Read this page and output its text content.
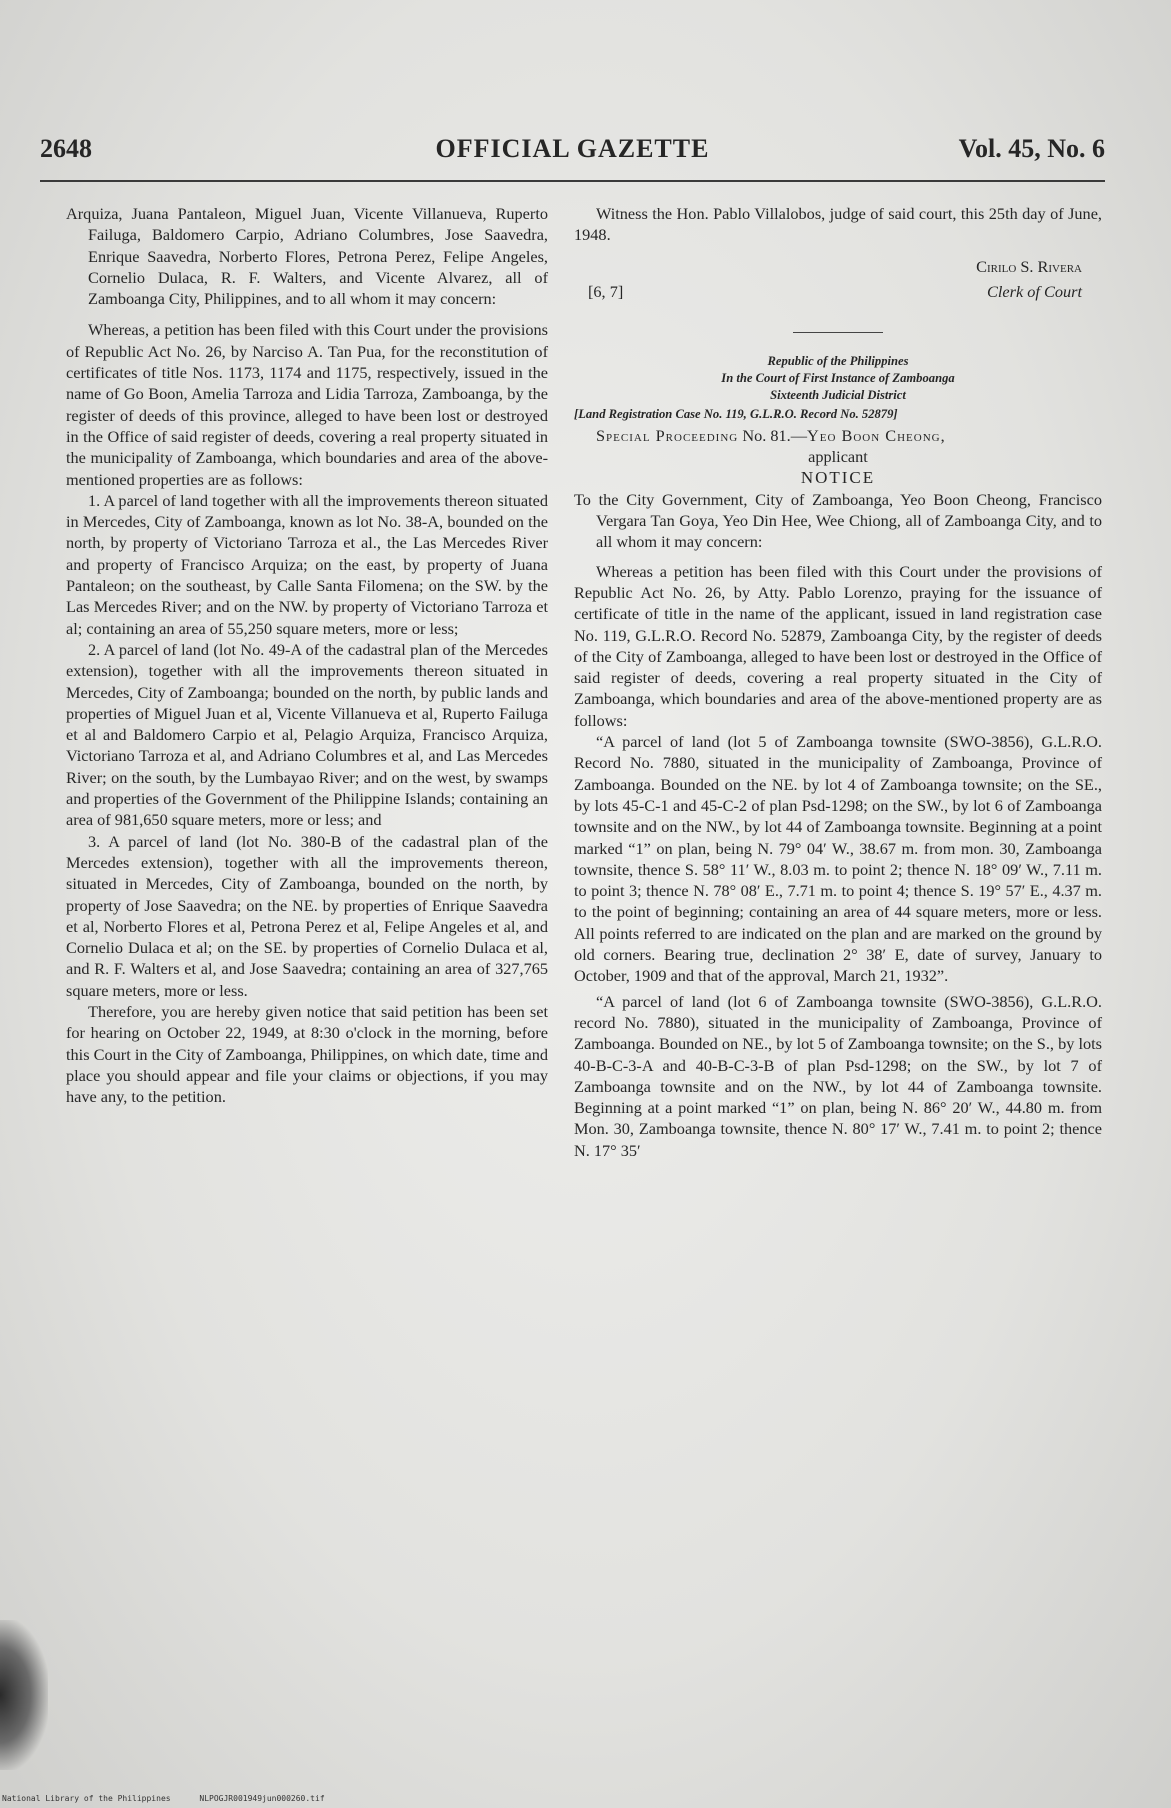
2648	OFFICIAL GAZETTE	Vol. 45, No. 6

Arquiza, Juana Pantaleon, Miguel Juan, Vicente Villanueva, Ruperto Failuga, Baldomero Carpio, Adriano Columbres, Jose Saavedra, Enrique Saavedra, Norberto Flores, Petrona Perez, Felipe Angeles, Cornelio Dulaca, R. F. Walters, and Vicente Alvarez, all of Zamboanga City, Philippines, and to all whom it may concern:

Whereas, a petition has been filed with this Court under the provisions of Republic Act No. 26, by Narciso A. Tan Pua, for the reconstitution of certificates of title Nos. 1173, 1174 and 1175, respectively, issued in the name of Go Boon, Amelia Tarroza and Lidia Tarroza, Zamboanga, by the register of deeds of this province, alleged to have been lost or destroyed in the Office of said register of deeds, covering a real property situated in the municipality of Zamboanga, which boundaries and area of the above-mentioned properties are as follows:

1. A parcel of land together with all the improvements thereon situated in Mercedes, City of Zamboanga, known as lot No. 38-A, bounded on the north, by property of Victoriano Tarroza et al., the Las Mercedes River and property of Francisco Arquiza; on the east, by property of Juana Pantaleon; on the southeast, by Calle Santa Filomena; on the SW. by the Las Mercedes River; and on the NW. by property of Victoriano Tarroza et al; containing an area of 55,250 square meters, more or less;

2. A parcel of land (lot No. 49-A of the cadastral plan of the Mercedes extension), together with all the improvements thereon situated in Mercedes, City of Zamboanga; bounded on the north, by public lands and properties of Miguel Juan et al, Vicente Villanueva et al, Ruperto Failuga et al and Baldomero Carpio et al, Pelagio Arquiza, Francisco Arquiza, Victoriano Tarroza et al, and Adriano Columbres et al, and Las Mercedes River; on the south, by the Lumbayao River; and on the west, by swamps and properties of the Government of the Philippine Islands; containing an area of 981,650 square meters, more or less; and

3. A parcel of land (lot No. 380-B of the cadastral plan of the Mercedes extension), together with all the improvements thereon, situated in Mercedes, City of Zamboanga, bounded on the north, by property of Jose Saavedra; on the NE. by properties of Enrique Saavedra et al, Norberto Flores et al, Petrona Perez et al, Felipe Angeles et al, and Cornelio Dulaca et al; on the SE. by properties of Cornelio Dulaca et al, and R. F. Walters et al, and Jose Saavedra; containing an area of 327,765 square meters, more or less.

Therefore, you are hereby given notice that said petition has been set for hearing on October 22, 1949, at 8:30 o'clock in the morning, before this Court in the City of Zamboanga, Philippines, on which date, time and place you should appear and file your claims or objections, if you may have any, to the petition.

Witness the Hon. Pablo Villalobos, judge of said court, this 25th day of June, 1948.

Cirilo S. Rivera
[6, 7]	Clerk of Court

Republic of the Philippines

In the Court of First Instance of Zamboanga

Sixteenth Judicial District

[Land Registration Case No. 119, G.L.R.O. Record No. 52879]

Special Proceeding No. 81.—Yeo Boon Cheong,

applicant

NOTICE

To the City Government, City of Zamboanga, Yeo Boon Cheong, Francisco Vergara Tan Goya, Yeo Din Hee, Wee Chiong, all of Zamboanga City, and to all whom it may concern:

Whereas a petition has been filed with this Court under the provisions of Republic Act No. 26, by Atty. Pablo Lorenzo, praying for the issuance of certificate of title in the name of the applicant, issued in land registration case No. 119, G.L.R.O. Record No. 52879, Zamboanga City, by the register of deeds of the City of Zamboanga, alleged to have been lost or destroyed in the Office of said register of deeds, covering a real property situated in the City of Zamboanga, which boundaries and area of the above-mentioned property are as follows:

“A parcel of land (lot 5 of Zamboanga townsite (SWO-3856), G.L.R.O. Record No. 7880, situated in the municipality of Zamboanga, Province of Zamboanga. Bounded on the NE. by lot 4 of Zamboanga townsite; on the SE., by lots 45-C-1 and 45-C-2 of plan Psd-1298; on the SW., by lot 6 of Zamboanga townsite and on the NW., by lot 44 of Zamboanga townsite. Beginning at a point marked “1” on plan, being N. 79° 04′ W., 38.67 m. from mon. 30, Zamboanga townsite, thence S. 58° 11′ W., 8.03 m. to point 2; thence N. 18° 09′ W., 7.11 m. to point 3; thence N. 78° 08′ E., 7.71 m. to point 4; thence S. 19° 57′ E., 4.37 m. to the point of beginning; containing an area of 44 square meters, more or less. All points referred to are indicated on the plan and are marked on the ground by old corners. Bearing true, declination 2° 38′ E, date of survey, January to October, 1909 and that of the approval, March 21, 1932”.

“A parcel of land (lot 6 of Zamboanga townsite (SWO-3856), G.L.R.O. record No. 7880), situated in the municipality of Zamboanga, Province of Zamboanga. Bounded on NE., by lot 5 of Zamboanga townsite; on the S., by lots 40-B-C-3-A and 40-B-C-3-B of plan Psd-1298; on the SW., by lot 7 of Zamboanga townsite and on the NW., by lot 44 of Zamboanga townsite. Beginning at a point marked “1” on plan, being N. 86° 20′ W., 44.80 m. from Mon. 30, Zamboanga townsite, thence N. 80° 17′ W., 7.41 m. to point 2; thence N. 17° 35′

National Library of the Philippines	NLPOGJR001949jun000260.tif
